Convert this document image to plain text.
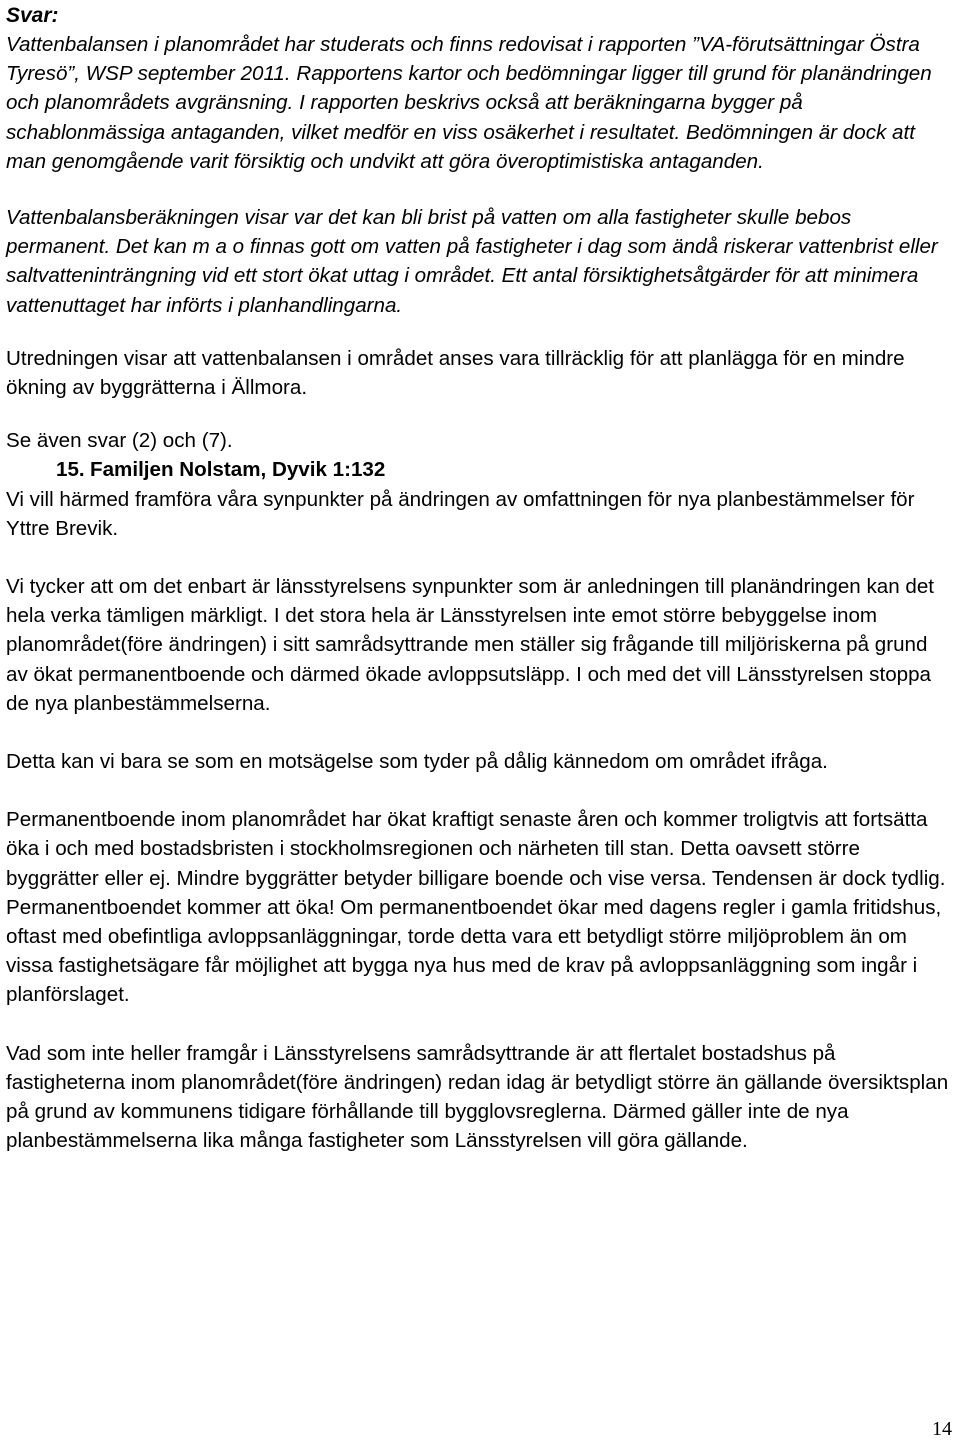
Svar:

Vattenbalansen i planområdet har studerats och finns redovisat i rapporten ”VA-förutsättningar Östra Tyresö”, WSP september 2011. Rapportens kartor och bedömningar ligger till grund för planändringen och planområdets avgränsning. I rapporten beskrivs också att beräkningarna bygger på schablonmässiga antaganden, vilket medför en viss osäkerhet i resultatet. Bedömningen är dock att man genomgående varit försiktig och undvikt att göra överoptimistiska antaganden.

Vattenbalansberäkningen visar var det kan bli brist på vatten om alla fastigheter skulle bebos permanent. Det kan m a o finnas gott om vatten på fastigheter i dag som ändå riskerar vattenbrist eller saltvatteninträngning vid ett stort ökat uttag i området. Ett antal försiktighetsåtgärder för att minimera vattenuttaget har införts i planhandlingarna.

Utredningen visar att vattenbalansen i området anses vara tillräcklig för att planlägga för en mindre ökning av byggrätterna i Ällmora.

Se även svar (2) och (7).

15. Familjen Nolstam, Dyvik 1:132

Vi vill härmed framföra våra synpunkter på ändringen av omfattningen för nya planbestämmelser för Yttre Brevik.

Vi tycker att om det enbart är länsstyrelsens synpunkter som är anledningen till planändringen kan det hela verka tämligen märkligt. I det stora hela är Länsstyrelsen inte emot större bebyggelse inom planområdet(före ändringen) i sitt samrådsyttrande men ställer sig frågande till miljöriskerna på grund av ökat permanentboende och därmed ökade avloppsutsläpp. I och med det vill Länsstyrelsen stoppa de nya planbestämmelserna.

Detta kan vi bara se som en motsägelse som tyder på dålig kännedom om området ifråga.

Permanentboende inom planområdet har ökat kraftigt senaste åren och kommer troligtvis att fortsätta öka i och med bostadsbristen i stockholmsregionen och närheten till stan. Detta oavsett större byggrätter eller ej. Mindre byggrätter betyder billigare boende och vise versa. Tendensen är dock tydlig. Permanentboendet kommer att öka! Om permanentboendet ökar med dagens regler i gamla fritidshus, oftast med obefintliga avloppsanläggningar, torde detta vara ett betydligt större miljöproblem än om vissa fastighetsägare får möjlighet att bygga nya hus med de krav på avloppsanläggning som ingår i planförslaget.

Vad som inte heller framgår i Länsstyrelsens samrådsyttrande är att flertalet bostadshus på fastigheterna inom planområdet(före ändringen) redan idag är betydligt större än gällande översiktsplan på grund av kommunens tidigare förhållande till bygglovsreglerna. Därmed gäller inte de nya planbestämmelserna lika många fastigheter som Länsstyrelsen vill göra gällande.

14
